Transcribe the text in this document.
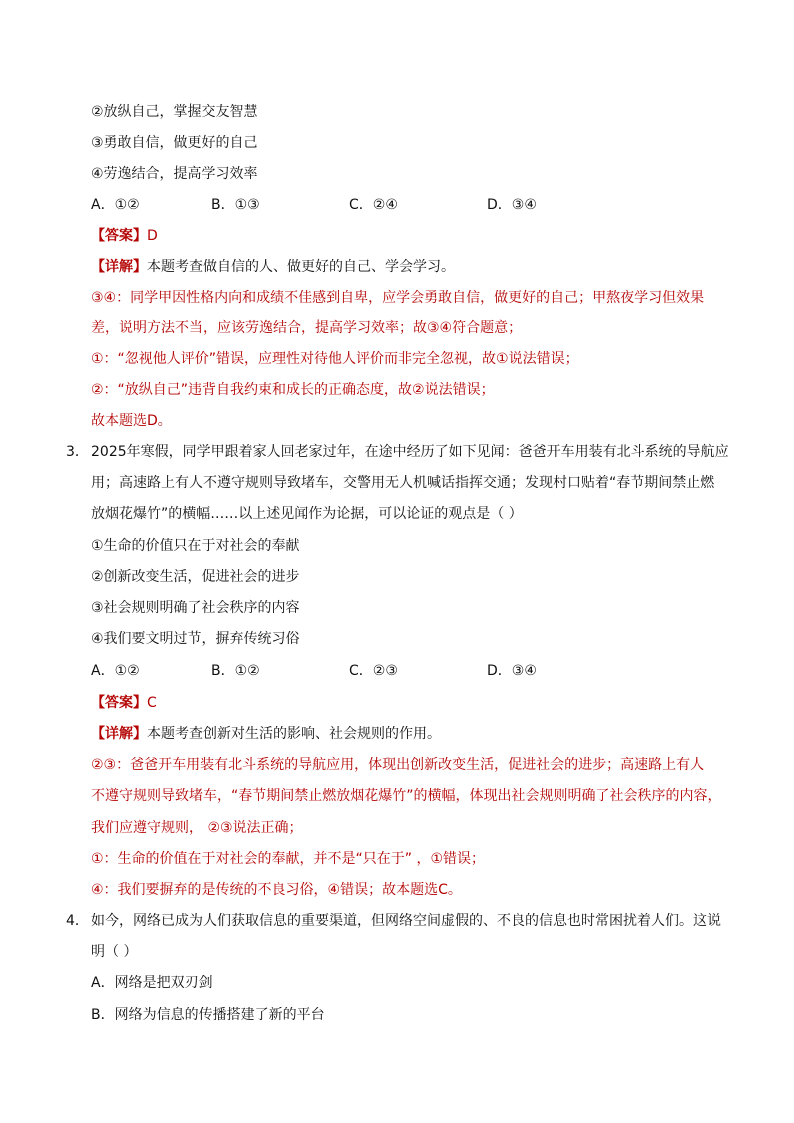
②放纵自己，掌握交友智慧
③勇敢自信，做更好的自己
④劳逸结合，提高学习效率
A．①②	B．①③	C．②④	D．③④
【答案】D
【详解】本题考查做自信的人、做更好的自己、学会学习。
③④：同学甲因性格内向和成绩不佳感到自卑，应学会勇敢自信，做更好的自己；甲熬夜学习但效果
差，说明方法不当，应该劳逸结合，提高学习效率；故③④符合题意；
①：“忽视他人评价”错误，应理性对待他人评价而非完全忽视，故①说法错误；
②：“放纵自己”违背自我约束和成长的正确态度，故②说法错误；
故本题选D。
3． 2025年寒假，同学甲跟着家人回老家过年，在途中经历了如下见闻：爸爸开车用装有北斗系统的导航应
用；高速路上有人不遵守规则导致堵车，交警用无人机喊话指挥交通；发现村口贴着“春节期间禁止燃
放烟花爆竹”的横幅……以上述见闻作为论据，可以论证的观点是（ ）
①生命的价值只在于对社会的奉献
②创新改变生活，促进社会的进步
③社会规则明确了社会秩序的内容
④我们要文明过节，摒弃传统习俗
A．①②	B．①②	C．②③	D．③④
【答案】C
【详解】本题考查创新对生活的影响、社会规则的作用。
②③：爸爸开车用装有北斗系统的导航应用，体现出创新改变生活，促进社会的进步；高速路上有人
不遵守规则导致堵车，“春节期间禁止燃放烟花爆竹”的横幅，体现出社会规则明确了社会秩序的内容，
我们应遵守规则， ②③说法正确；
①：生命的价值在于对社会的奉献，并不是“只在于” ，①错误；
④：我们要摒弃的是传统的不良习俗，④错误；故本题选C。
4． 如今，网络已成为人们获取信息的重要渠道，但网络空间虚假的、不良的信息也时常困扰着人们。这说
明（ ）
A．网络是把双刃剑
B．网络为信息的传播搭建了新的平台
